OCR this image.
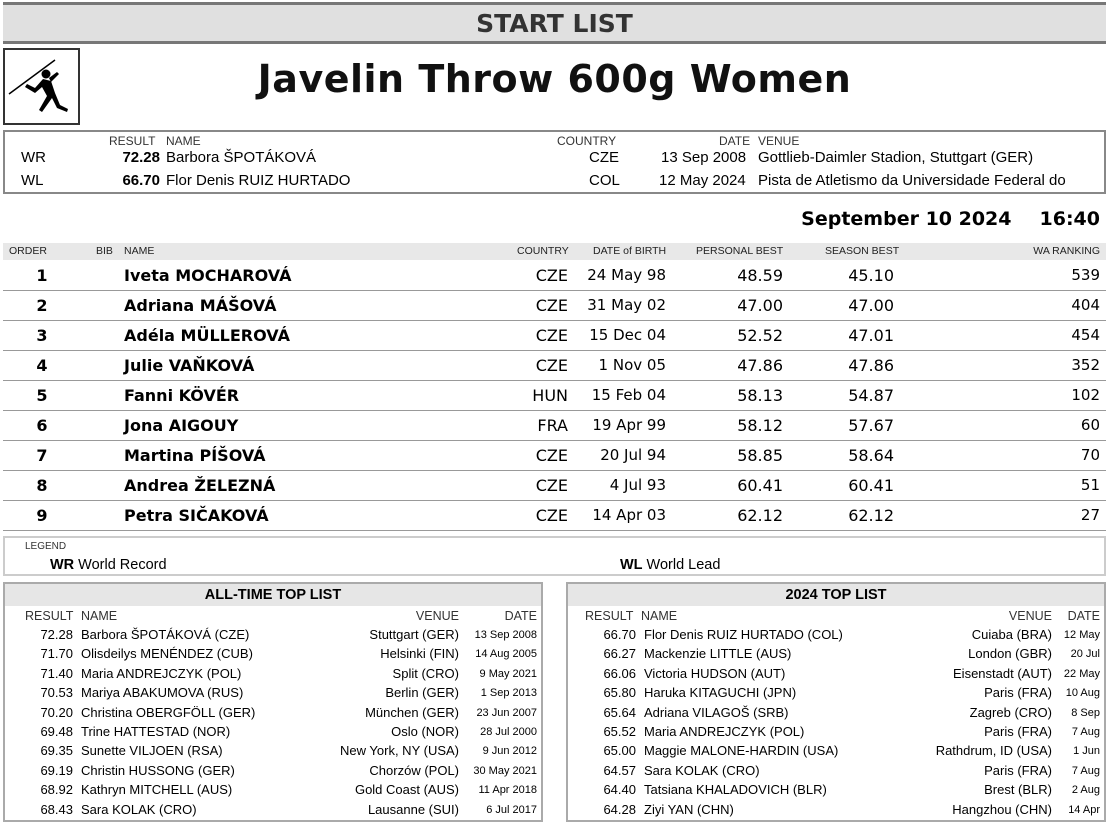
START LIST
Javelin Throw 600g Women
RESULT NAME	COUNTRY	DATE VENUE
WR	72.28 Barbora ŠPOTÁKOVÁ	CZE	13 Sep 2008 Gottlieb-Daimler Stadion, Stuttgart (GER)
WL	66.70 Flor Denis RUIZ HURTADO	COL	12 May 2024 Pista de Atletismo da Universidade Federal do
September 10 2024 16:40
ORDER	BIB NAME	COUNTRY DATE of BIRTH	PERSONAL BEST	SEASON BEST	WA RANKING
1	Iveta MOCHAROVÁ	CZE 24 May 98	48.59	45.10	539
2	Adriana MÁŠOVÁ	CZE 31 May 02	47.00	47.00	404
3	Adéla MÜLLEROVÁ	CZE 15 Dec 04	52.52	47.01	454
4	Julie VAŇKOVÁ	CZE 1 Nov 05	47.86	47.86	352
5	Fanni KÖVÉR	HUN 15 Feb 04	58.13	54.87	102
6	Jona AIGOUY	FRA 19 Apr 99	58.12	57.67	60
7	Martina PÍŠOVÁ	CZE 20 Jul 94	58.85	58.64	70
8	Andrea ŽELEZNÁ	CZE	4 Jul 93	60.41	60.41	51
9	Petra SIČAKOVÁ	CZE 14 Apr 03	62.12	62.12	27
LEGEND
WR World Record	WL World Lead
ALL-TIME TOP LIST
RESULT NAME	VENUE	DATE
72.28 Barbora ŠPOTÁKOVÁ (CZE)	Stuttgart (GER) 13 Sep 2008
71.70 Olisdeilys MENÉNDEZ (CUB)	Helsinki (FIN) 14 Aug 2005
71.40 Maria ANDREJCZYK (POL)	Split (CRO) 9 May 2021
70.53 Mariya ABAKUMOVA (RUS)	Berlin (GER) 1 Sep 2013
70.20 Christina OBERGFÖLL (GER)	München (GER) 23 Jun 2007
69.48 Trine HATTESTAD (NOR)	Oslo (NOR) 28 Jul 2000
69.35 Sunette VILJOEN (RSA)	New York, NY (USA) 9 Jun 2012
69.19 Christin HUSSONG (GER)	Chorzów (POL) 30 May 2021
68.92 Kathryn MITCHELL (AUS)	Gold Coast (AUS) 11 Apr 2018
68.43 Sara KOLAK (CRO)	Lausanne (SUI) 6 Jul 2017
2024 TOP LIST
RESULT NAME	VENUE DATE
66.70 Flor Denis RUIZ HURTADO (COL)	Cuiaba (BRA) 12 May
66.27 Mackenzie LITTLE (AUS)	London (GBR) 20 Jul
66.06 Victoria HUDSON (AUT)	Eisenstadt (AUT) 22 May
65.80 Haruka KITAGUCHI (JPN)	Paris (FRA) 10 Aug
65.64 Adriana VILAGOŠ (SRB)	Zagreb (CRO) 8 Sep
65.52 Maria ANDREJCZYK (POL)	Paris (FRA) 7 Aug
65.00 Maggie MALONE-HARDIN (USA)	Rathdrum, ID (USA) 1 Jun
64.57 Sara KOLAK (CRO)	Paris (FRA) 7 Aug
64.40 Tatsiana KHALADOVICH (BLR)	Brest (BLR) 2 Aug
64.28 Ziyi YAN (CHN)	Hangzhou (CHN) 14 Apr
